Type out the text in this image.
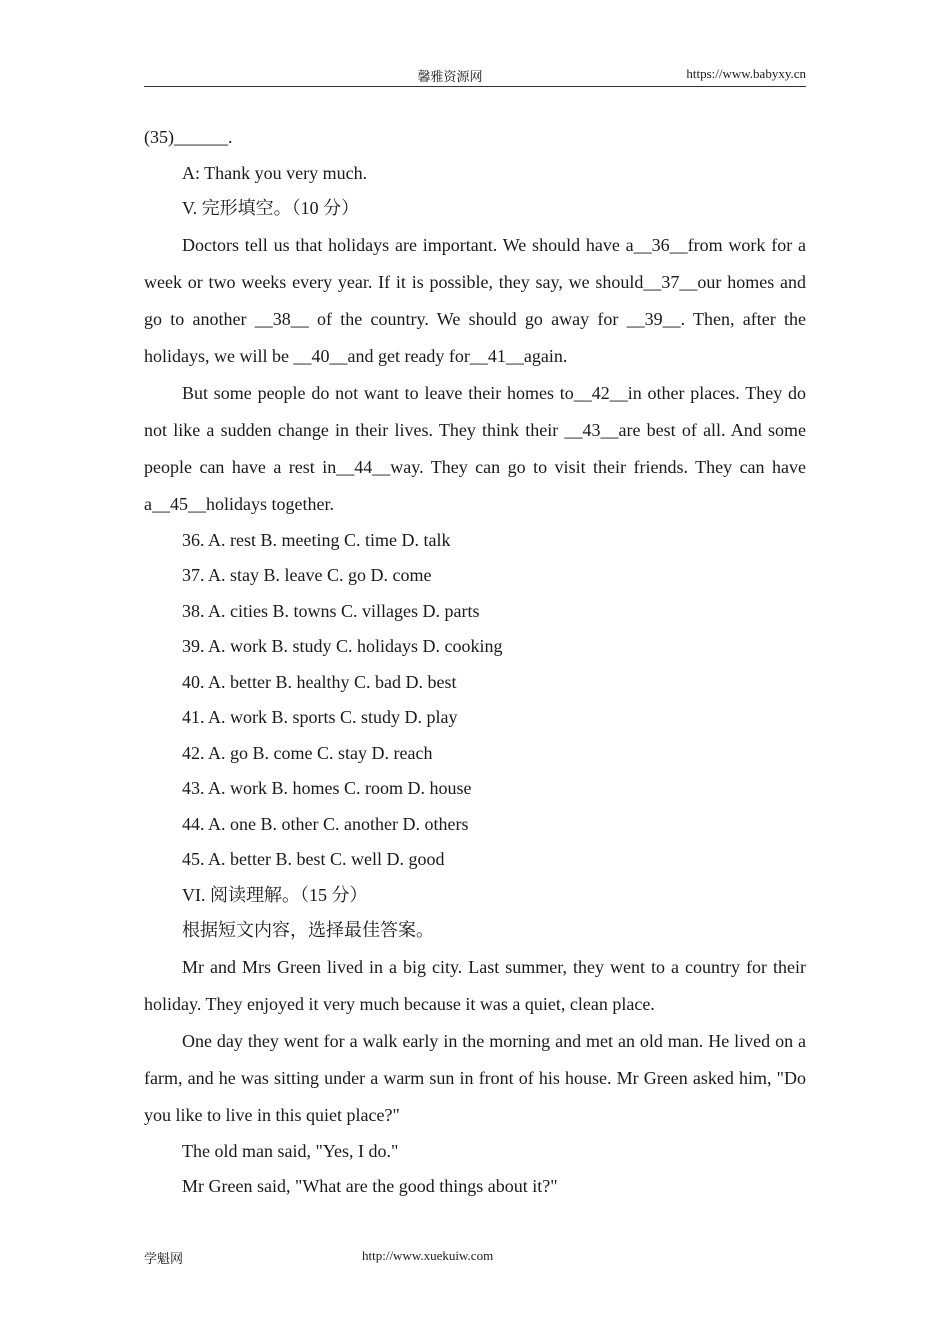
馨雅资源网	https://www.babyxy.cn
(35)______.
A: Thank you very much.
V. 完形填空。（10 分）

Doctors tell us that holidays are important. We should have a__36__from work for a week or two weeks every year. If it is possible, they say, we should__37__our homes and go to another __38__ of the country. We should go away for __39__. Then, after the holidays, we will be __40__and get ready for__41__again.

But some people do not want to leave their homes to__42__in other places. They do not like a sudden change in their lives. They think their __43__are best of all. And some people can have a rest in__44__way. They can go to visit their friends. They can have a__45__holidays together.

36. A. rest B. meeting C. time D. talk
37. A. stay B. leave C. go D. come
38. A. cities B. towns C. villages D. parts
39. A. work B. study C. holidays D. cooking
40. A. better B. healthy C. bad D. best
41. A. work B. sports C. study D. play
42. A. go B. come C. stay D. reach
43. A. work B. homes C. room D. house
44. A. one B. other C. another D. others
45. A. better B. best C. well D. good
VI. 阅读理解。（15 分）
根据短文内容，选择最佳答案。

Mr and Mrs Green lived in a big city. Last summer, they went to a country for their holiday. They enjoyed it very much because it was a quiet, clean place.

One day they went for a walk early in the morning and met an old man. He lived on a farm, and he was sitting under a warm sun in front of his house. Mr Green asked him, "Do you like to live in this quiet place?"

The old man said, "Yes, I do."
Mr Green said, "What are the good things about it?"
学魁网	http://www.xuekuiw.com
